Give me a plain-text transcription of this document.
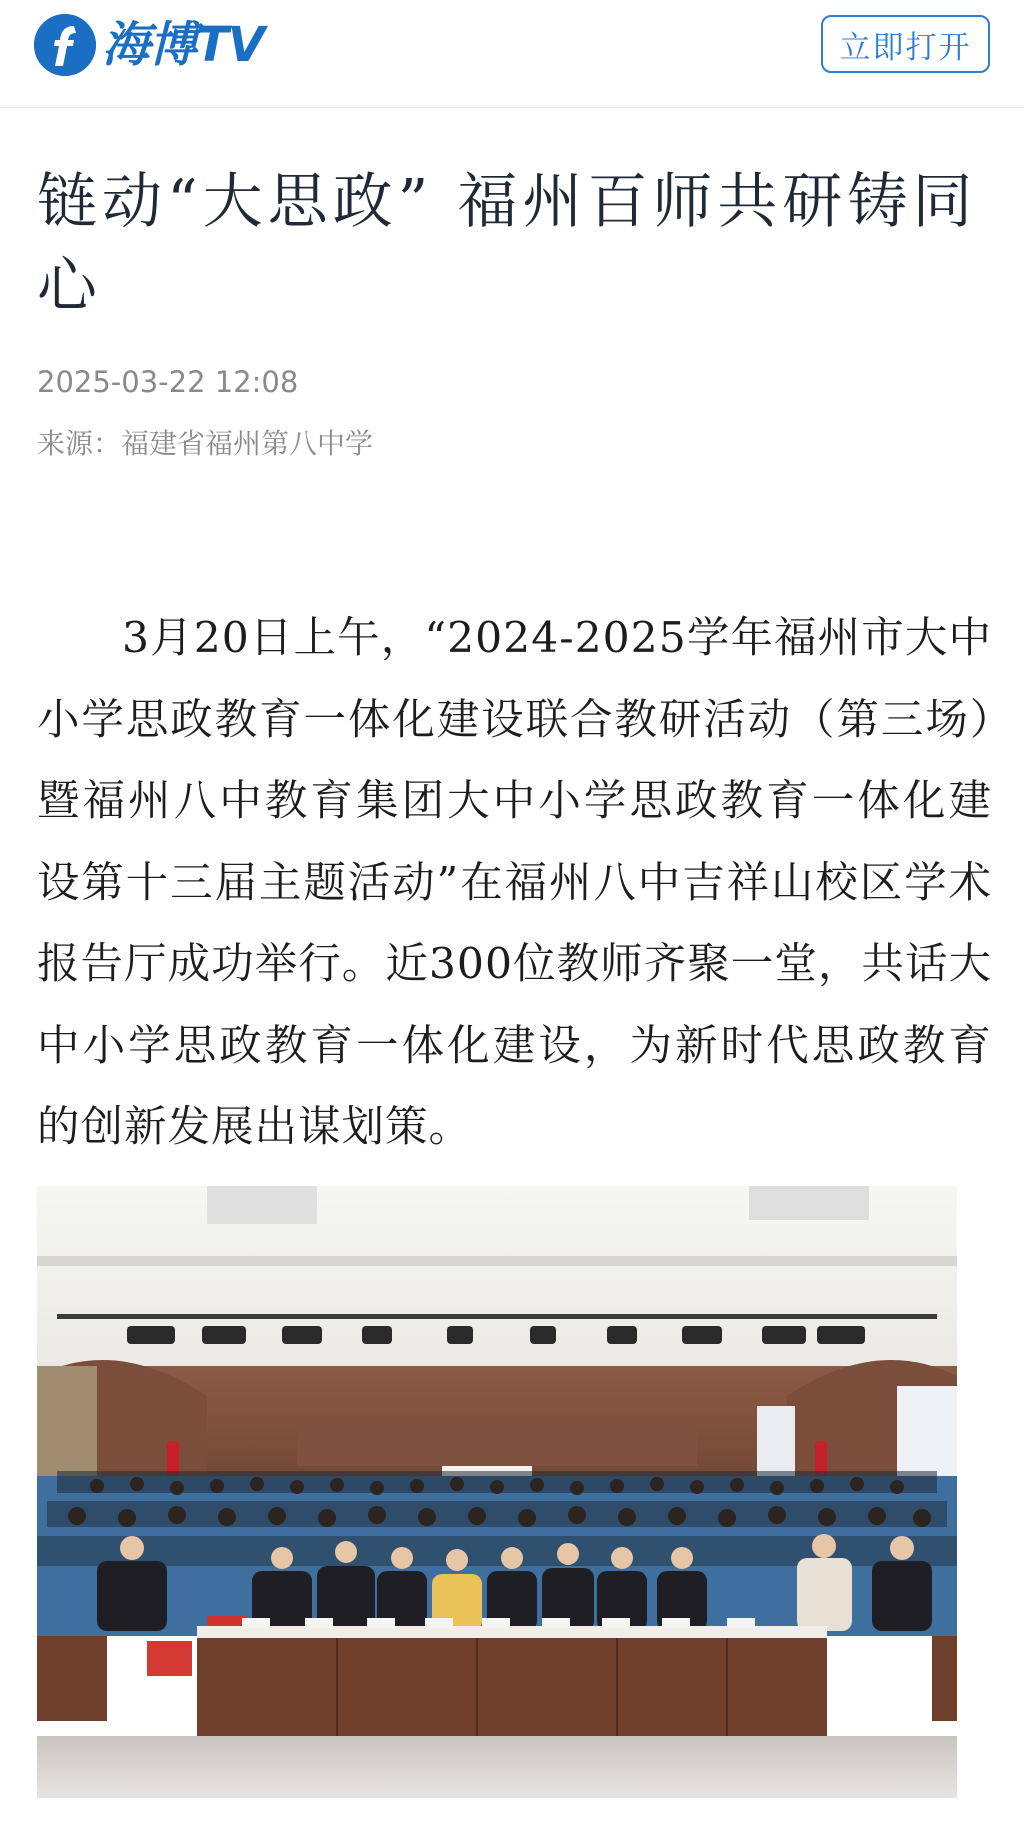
海博TV	立即打开
链动“大思政” 福州百师共研铸同心
2025-03-22 12:08
来源：福建省福州第八中学

3月20日上午，“2024-2025学年福州市大中小学思政教育一体化建设联合教研活动（第三场）暨福州八中教育集团大中小学思政教育一体化建设第十三届主题活动”在福州八中吉祥山校区学术报告厅成功举行。近300位教师齐聚一堂，共话大中小学思政教育一体化建设，为新时代思政教育的创新发展出谋划策。
